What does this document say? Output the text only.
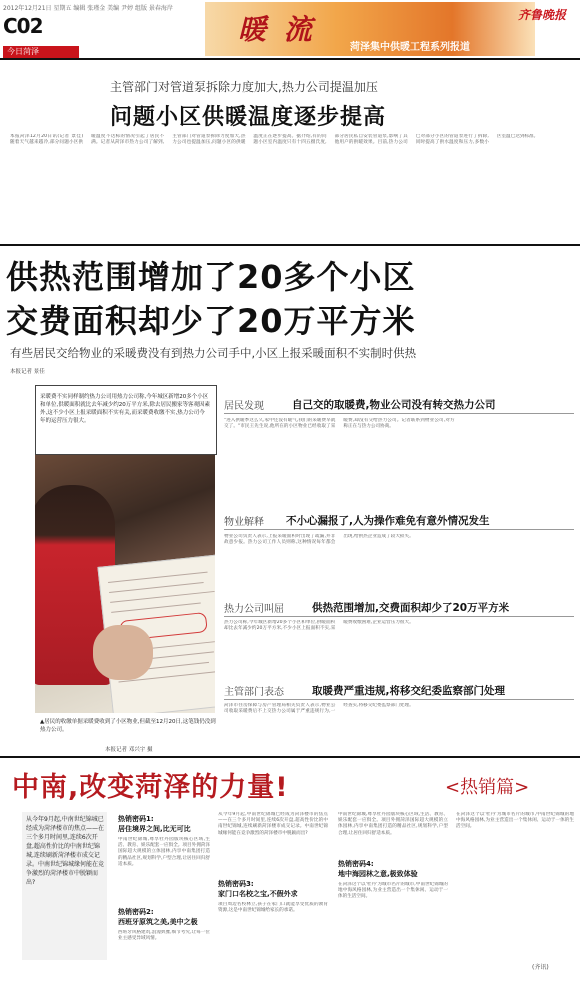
2012年12月21日 星期五 编辑 张瑾金 美编 尹婷 组版 景春海岸
C02
今日菏泽
暖 流
菏泽集中供暖工程系列报道
齐鲁晚报
主管部门对管道泵拆除力度加大,热力公司提温加压
问题小区供暖温度逐步提高
本报菏泽12月20日讯(记者 景佳) 随着天气越来越冷,部分问题小区供暖温度不达标的情况引起了居民不满。记者从菏泽市热力公司了解到,主管部门对管道泵拆除力度加大,热力公司也提温加压,问题小区的供暖温度正在逐步提高。据介绍,有的问题小区室内温度只有十四五摄氏度,部分居民私自安装管道泵,影响了其他用户的供暖效果。目前,热力公司已对部分小区的管道泵进行了拆除,同时提高了供水温度和压力,多数小区室温已达到标准。
供热范围增加了20多个小区
交费面积却少了20万平方米
有些居民交给物业的采暖费没有到热力公司手中,小区上报采暖面积不实制时供热
本报记者 景佳
采暖费不实同样制约热力公司用热力公司称,今年城区新增20多个小区和单位,供暖面积就比去年减少约20万平方米,除去居民搬家等客观因素外,这不少小区上报采暖面积不实有关,而采暖费收缴不实,热力公司今年的运营压力很大。
▲居民的收缴单据采暖费收到了小区物业,但截至12月20日,这笔钱仍没到热力公司。
本报记者 邓兴宇 摄
居民发现	自己交的取暖费,物业公司没有转交热力公司
"进入供暖季这么久,家中还没有暖气,我们的采暖费早就交了。"市民王先生说,他所在的小区物业已经收取了采暖费,却没有交给热力公司。记者联系到物业公司,对方称正在与热力公司协商。
物业解释 不小心漏报了,人为操作难免有意外情况发生
物业公司负责人表示,上报采暖面积时出现了疏漏,并非故意少报。热力公司工作人员则称,这种情况每年都会出现,给供热企业造成了较大损失。
热力公司叫屈	供热范围增加,交费面积却少了20万平方米
热力公司称,今年城区新增20多个小区和单位,供暖面积却比去年减少约20万平方米,不少小区上报面积不实,采暖费收缴困难,企业运营压力很大。
主管部门表态	取暖费严重违规,将移交纪委监察部门处理
菏泽市住房保障与房产管理局相关负责人表示,物业公司收取采暖费后不上交热力公司属于严重违规行为,一经查实,将移交纪委监察部门处理。
中南,改变菏泽的力量!	<热销篇>
从今年9月起,中南世纪锦城已经成为菏泽楼市的焦点——在三个多月时间里,连续6次开盘,超高性价比的中南世纪锦城,连续刷新菏泽楼市成交记录。中南世纪锦城缘何能在竞争激烈的菏泽楼市中脱颖而出?
热销密码1:
居住境界之间,比无可比
中南世纪锦城,尊享牡丹园版块核心区域,生活、教育、娱乐配套一应俱全。项目外拥菏泽国际超大规模的立体园林,内享中南集团打造的精品社区,规划科学,户型合理,让居住回归舒适本质。
热销密码2:
西班牙原筑之美,美中之极
西班牙风格建筑,浪漫典雅,细节考究,让每一位业主感受异域风情。
热销密码3:
家门口名校之宝,不假外求
项目周边名校林立,孩子在家门口就能享受优质的教育资源,这是中南世纪锦城给家长的承诺。
从今年9月起,中南世纪锦城已经成为菏泽楼市的焦点——在三个多月时间里,连续6次开盘,超高性价比的中南世纪锦城,连续刷新菏泽楼市成交记录。中南世纪锦城缘何能在竞争激烈的菏泽楼市中脱颖而出?
热销密码4:
地中海园林之意,极致体验
在菏泽这个以'牡丹'为城市名片的城市,中南世纪锦城的地中海风格园林,为业主营造出一个集休闲、运动于一体的生活空间。
中南世纪锦城,尊享牡丹园版块核心区域,生活、教育、娱乐配套一应俱全。项目外拥菏泽国际超大规模的立体园林,内享中南集团打造的精品社区,规划科学,户型合理,让居住回归舒适本质。
在菏泽这个以'牡丹'为城市名片的城市,中南世纪锦城的地中海风格园林,为业主营造出一个集休闲、运动于一体的生活空间。
(齐讯)
